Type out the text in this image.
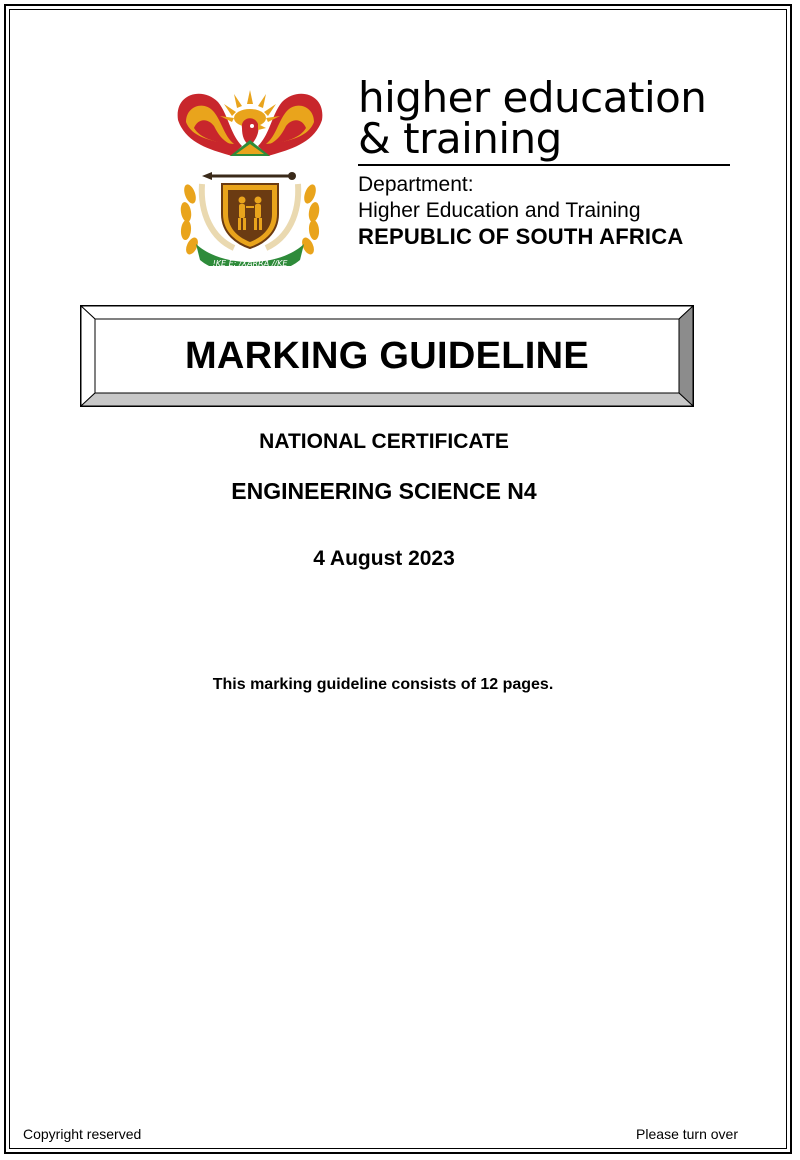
!KE E: /XARRA //KE
higher education
& training
Department:
Higher Education and Training
REPUBLIC OF SOUTH AFRICA
MARKING GUIDELINE
NATIONAL CERTIFICATE
ENGINEERING SCIENCE N4
4 August 2023
This marking guideline consists of 12 pages.
Copyright reserved	Please turn over
